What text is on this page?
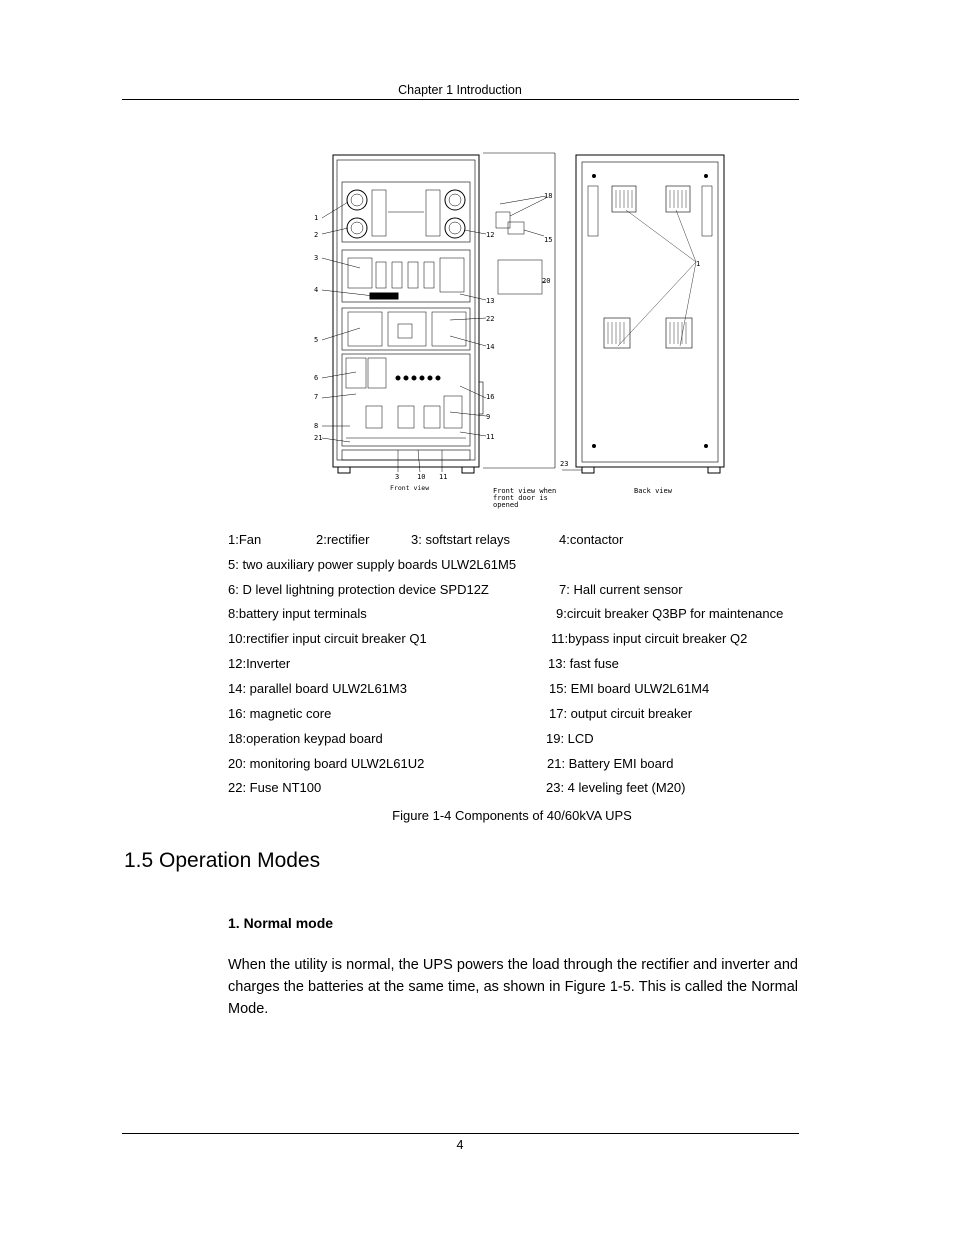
Chapter 1 Introduction
1
2
3
4
5
6
7
8
21
18
12
15
20
13
22
14
16
9
11
3	10 11
1
23
Front view	Front view when
front door is
opened
Back view
1:Fan	2:rectifier	3: softstart relays	4:contactor
5: two auxiliary power supply boards ULW2L61M5
6: D level lightning protection device SPD12Z	7: Hall current sensor
8:battery input terminals	9:circuit breaker Q3BP for maintenance
10:rectifier input circuit breaker Q1	11:bypass input circuit breaker Q2
12:Inverter	13: fast fuse
14: parallel board ULW2L61M3	15: EMI board ULW2L61M4
16: magnetic core	17: output circuit breaker
18:operation keypad board	19: LCD
20: monitoring board ULW2L61U2	21: Battery EMI board
22: Fuse NT100	23: 4 leveling feet (M20)
Figure 1-4 Components of 40/60kVA UPS
1.5 Operation Modes
1. Normal mode
When the utility is normal, the UPS powers the load through the rectifier and inverter and charges the batteries at the same time, as shown in Figure 1-5. This is called the Normal Mode.
4
